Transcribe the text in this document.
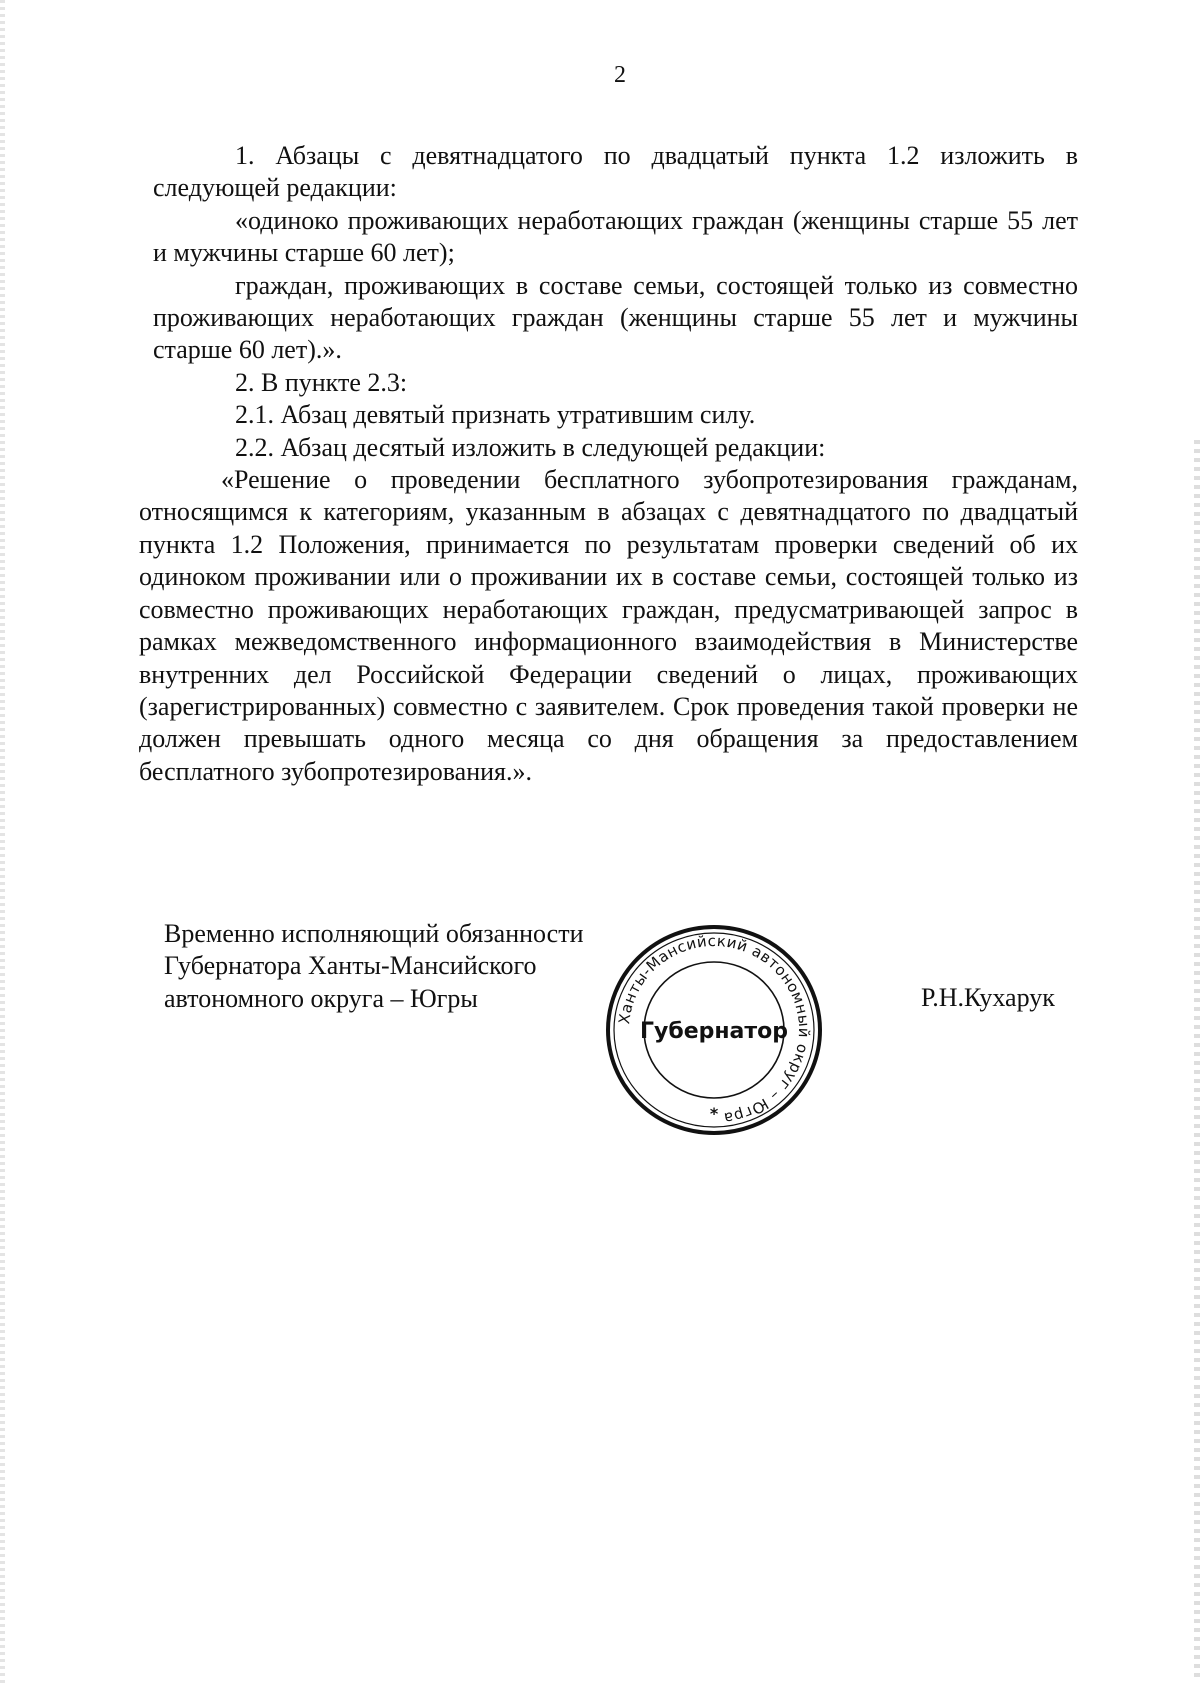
2

1. Абзацы с девятнадцатого по двадцатый пункта 1.2 изложить в следующей редакции:

«одиноко проживающих неработающих граждан (женщины старше 55 лет и мужчины старше 60 лет);

граждан, проживающих в составе семьи, состоящей только из совместно проживающих неработающих граждан (женщины старше 55 лет и мужчины старше 60 лет).».

2. В пункте 2.3:

2.1. Абзац девятый признать утратившим силу.

2.2. Абзац десятый изложить в следующей редакции:

«Решение о проведении бесплатного зубопротезирования гражданам, относящимся к категориям, указанным в абзацах с девятнадцатого по двадцатый пункта 1.2 Положения, принимается по результатам проверки сведений об их одиноком проживании или о проживании их в составе семьи, состоящей только из совместно проживающих неработающих граждан, предусматривающей запрос в рамках межведомственного информационного взаимодействия в Министерстве внутренних дел Российской Федерации сведений о лицах, проживающих (зарегистрированных) совместно с заявителем. Срок проведения такой проверки не должен превышать одного месяца со дня обращения за предоставлением бесплатного зубопротезирования.».

Временно исполняющий обязанности
Губернатора Ханты-Мансийского
автономного округа – Югры
Ханты-Мансийский автономный округ – Югра
Губернатор
*
Р.Н.Кухарук
